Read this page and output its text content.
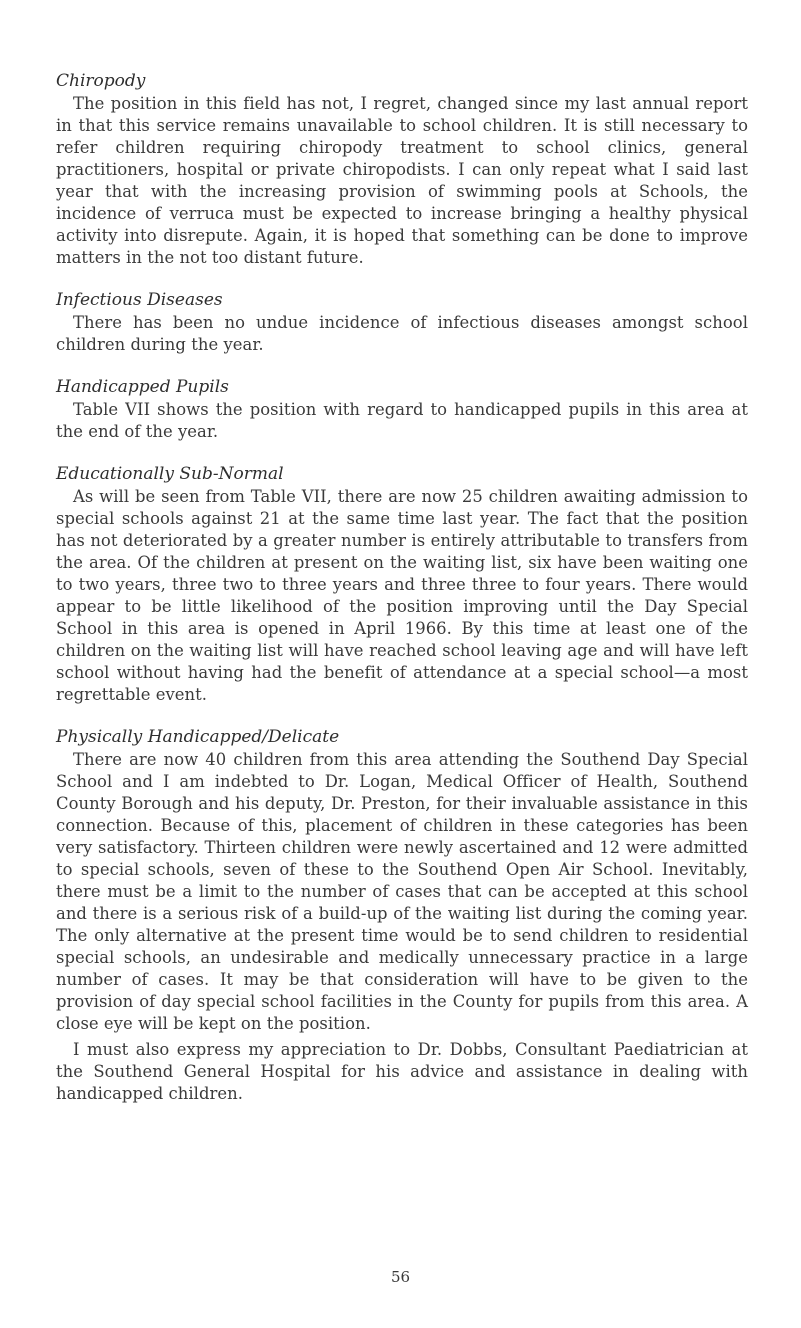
Chiropody

The position in this field has not, I regret, changed since my last annual report in that this service remains unavailable to school children. It is still necessary to refer children requiring chiropody treatment to school clinics, general practitioners, hospital or private chiropodists. I can only repeat what I said last year that with the increasing provision of swimming pools at Schools, the incidence of verruca must be expected to increase bringing a healthy physical activity into disrepute. Again, it is hoped that something can be done to improve matters in the not too distant future.

Infectious Diseases

There has been no undue incidence of infectious diseases amongst school children during the year.

Handicapped Pupils

Table VII shows the position with regard to handicapped pupils in this area at the end of the year.

Educationally Sub-Normal

As will be seen from Table VII, there are now 25 children awaiting admission to special schools against 21 at the same time last year. The fact that the position has not deteriorated by a greater number is entirely attributable to transfers from the area. Of the children at present on the waiting list, six have been waiting one to two years, three two to three years and three three to four years. There would appear to be little likelihood of the position improving until the Day Special School in this area is opened in April 1966. By this time at least one of the children on the waiting list will have reached school leaving age and will have left school without having had the benefit of attendance at a special school—a most regrettable event.

Physically Handicapped/Delicate

There are now 40 children from this area attending the Southend Day Special School and I am indebted to Dr. Logan, Medical Officer of Health, Southend County Borough and his deputy, Dr. Preston, for their invaluable assistance in this connection. Because of this, placement of children in these categories has been very satisfactory. Thirteen children were newly ascertained and 12 were admitted to special schools, seven of these to the Southend Open Air School. Inevitably, there must be a limit to the number of cases that can be accepted at this school and there is a serious risk of a build-up of the waiting list during the coming year. The only alternative at the present time would be to send children to residential special schools, an undesirable and medically unnecessary practice in a large number of cases. It may be that consideration will have to be given to the provision of day special school facilities in the County for pupils from this area. A close eye will be kept on the position.

I must also express my appreciation to Dr. Dobbs, Consultant Paediatrician at the Southend General Hospital for his advice and assistance in dealing with handicapped children.

56
